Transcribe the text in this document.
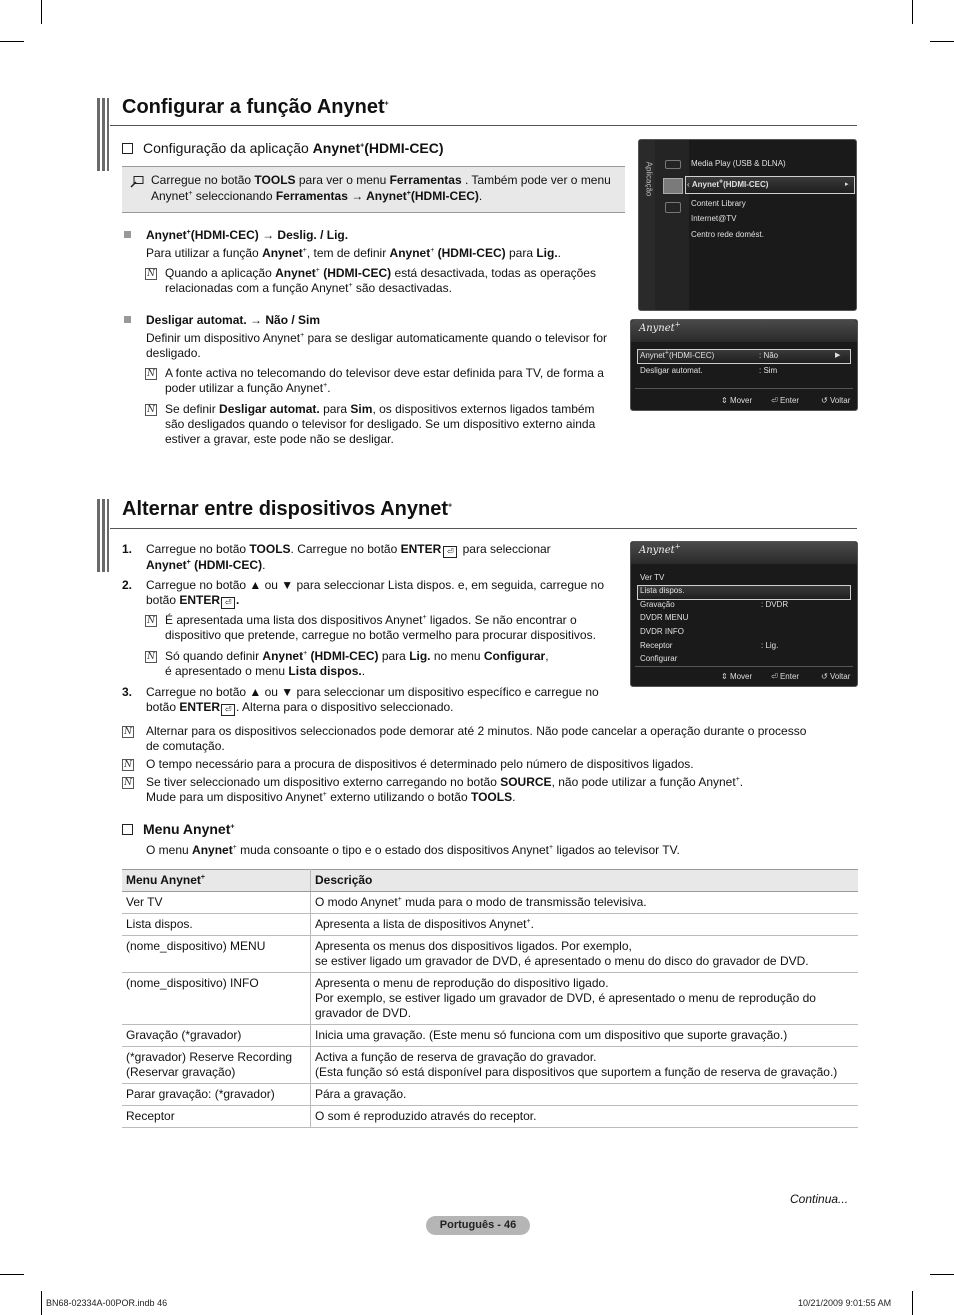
Configurar a função Anynet+
Configuração da aplicação Anynet+(HDMI-CEC)
Carregue no botão TOOLS para ver o menu Ferramentas . Também pode ver o menu
Anynet+ seleccionando Ferramentas → Anynet+(HDMI-CEC).
Anynet+(HDMI-CEC) → Deslig. / Lig.
Para utilizar a função Anynet+, tem de definir Anynet+ (HDMI-CEC) para Lig..
N
Quando a aplicação Anynet+ (HDMI-CEC) está desactivada, todas as operações
relacionadas com a função Anynet+ são desactivadas.
Desligar automat. → Não / Sim
Definir um dispositivo Anynet+ para se desligar automaticamente quando o televisor for
desligado.
N
A fonte activa no telecomando do televisor deve estar definida para TV, de forma a
poder utilizar a função Anynet+.
N
Se definir Desligar automat. para Sim, os dispositivos externos ligados também
são desligados quando o televisor for desligado. Se um dispositivo externo ainda
estiver a gravar, este pode não se desligar.
Aplicação	Media Play (USB & DLNA)
‹ Anynet+(HDMI-CEC)	▸
Content Library
Internet@TV
Centro rede domést.
Anynet+
Anynet+(HDMI-CEC)	: Não	▶
Desligar automat.	: Sim
⇕ Mover ⏎ Enter	↺ Voltar
Alternar entre dispositivos Anynet+
1. Carregue no botão TOOLS. Carregue no botão ENTER ⏎ para seleccionar
Anynet+ (HDMI-CEC).
2. Carregue no botão ▲ ou ▼ para seleccionar Lista dispos. e, em seguida, carregue no
botão ENTER ⏎ .
N
É apresentada uma lista dos dispositivos Anynet+ ligados. Se não encontrar o
dispositivo que pretende, carregue no botão vermelho para procurar dispositivos.
N
Só quando definir Anynet+ (HDMI-CEC) para Lig. no menu Configurar,
é apresentado o menu Lista dispos..
3. Carregue no botão ▲ ou ▼ para seleccionar um dispositivo específico e carregue no
botão ENTER ⏎ . Alterna para o dispositivo seleccionado.
N
Alternar para os dispositivos seleccionados pode demorar até 2 minutos. Não pode cancelar a operação durante o processo
de comutação.
N
O tempo necessário para a procura de dispositivos é determinado pelo número de dispositivos ligados.
N
Se tiver seleccionado um dispositivo externo carregando no botão SOURCE, não pode utilizar a função Anynet+.
Mude para um dispositivo Anynet+ externo utilizando o botão TOOLS.
Menu Anynet+
O menu Anynet+ muda consoante o tipo e o estado dos dispositivos Anynet+ ligados ao televisor TV.
Anynet+
Ver TV
Lista dispos.
Gravação	: DVDR
DVDR MENU
DVDR INFO
Receptor	: Lig.
Configurar
⇕ Mover ⏎ Enter	↺ Voltar
Menu Anynet+	Descrição
Ver TV	O modo Anynet+ muda para o modo de transmissão televisiva.
Lista dispos.	Apresenta a lista de dispositivos Anynet+.
(nome_dispositivo) MENU	Apresenta os menus dos dispositivos ligados. Por exemplo,
se estiver ligado um gravador de DVD, é apresentado o menu do disco do gravador de DVD.
(nome_dispositivo) INFO	Apresenta o menu de reprodução do dispositivo ligado.
Por exemplo, se estiver ligado um gravador de DVD, é apresentado o menu de reprodução do
gravador de DVD.
Gravação (*gravador)	Inicia uma gravação. (Este menu só funciona com um dispositivo que suporte gravação.)
(*gravador) Reserve Recording
(Reservar gravação)	Activa a função de reserva de gravação do gravador.
(Esta função só está disponível para dispositivos que suportem a função de reserva de gravação.)
Parar gravação: (*gravador)	Pára a gravação.
Receptor	O som é reproduzido através do receptor.
Continua...
Português - 46
BN68-02334A-00POR.indb 46	10/21/2009 9:01:55 AM
